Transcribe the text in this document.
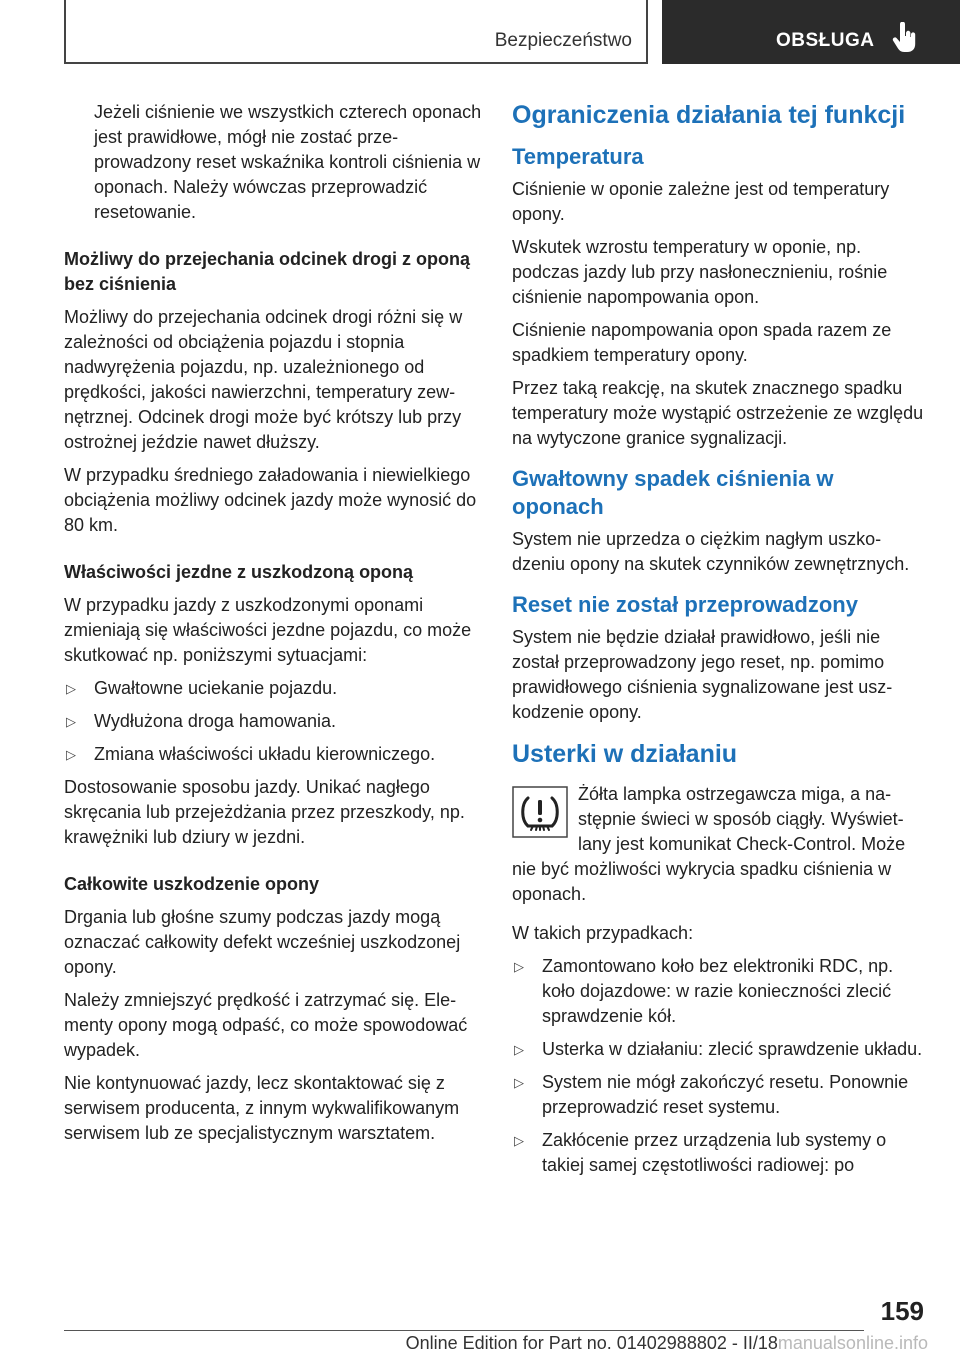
Bezpieczeństwo	OBSŁUGA

Jeżeli ciśnienie we wszystkich czterech oponach jest prawidłowe, mógł nie zostać przeprowadzony reset wskaźnika kontroli ciśnienia w oponach. Należy wówczas przeprowadzić resetowanie.

Możliwy do przejechania odcinek drogi z oponą bez ciśnienia

Możliwy do przejechania odcinek drogi różni się w zależności od obciążenia pojazdu i stopnia nadwyrężenia pojazdu, np. uzależnionego od prędkości, jakości nawierzchni, temperatury zewnętrznej. Odcinek drogi może być krótszy lub przy ostrożnej jeździe nawet dłuższy.

W przypadku średniego załadowania i niewielkiego obciążenia możliwy odcinek jazdy może wynosić do 80 km.

Właściwości jezdne z uszkodzoną oponą

W przypadku jazdy z uszkodzonymi oponami zmieniają się właściwości jezdne pojazdu, co może skutkować np. poniższymi sytuacjami:

▷	Gwałtowne uciekanie pojazdu.
▷	Wydłużona droga hamowania.
▷	Zmiana właściwości układu kierowniczego.

Dostosowanie sposobu jazdy. Unikać nagłego skręcania lub przejeżdżania przez przeszkody, np. krawężniki lub dziury w jezdni.

Całkowite uszkodzenie opony

Drgania lub głośne szumy podczas jazdy mogą oznaczać całkowity defekt wcześniej uszkodzonej opony.

Należy zmniejszyć prędkość i zatrzymać się. Elementy opony mogą odpaść, co może spowodować wypadek.

Nie kontynuować jazdy, lecz skontaktować się z serwisem producenta, z innym wykwalifikowanym serwisem lub ze specjalistycznym warsztatem.

Ograniczenia działania tej funkcji
Temperatura

Ciśnienie w oponie zależne jest od temperatury opony.

Wskutek wzrostu temperatury w oponie, np. podczas jazdy lub przy nasłonecznieniu, rośnie ciśnienie napompowania opon.

Ciśnienie napompowania opon spada razem ze spadkiem temperatury opony.

Przez taką reakcję, na skutek znacznego spadku temperatury może wystąpić ostrzeżenie ze względu na wytyczone granice sygnalizacji.

Gwałtowny spadek ciśnienia w oponach

System nie uprzedza o ciężkim nagłym uszkodzeniu opony na skutek czynników zewnętrznych.

Reset nie został przeprowadzony

System nie będzie działał prawidłowo, jeśli nie został przeprowadzony jego reset, np. pomimo prawidłowego ciśnienia sygnalizowane jest uszkodzenie opony.

Usterki w działaniu

Żółta lampka ostrzegawcza miga, a następnie świeci w sposób ciągły. Wyświetlany jest komunikat Check-Control. Może nie być możliwości wykrycia spadku ciśnienia w oponach.

W takich przypadkach:

▷	Zamontowano koło bez elektroniki RDC, np. koło dojazdowe: w razie konieczności zlecić sprawdzenie kół.
▷	Usterka w działaniu: zlecić sprawdzenie układu.
▷	System nie mógł zakończyć resetu. Ponownie przeprowadzić reset systemu.
▷	Zakłócenie przez urządzenia lub systemy o takiej samej częstotliwości radiowej: po
159
Online Edition for Part no. 01402988802 - II/18manualsonline.info
